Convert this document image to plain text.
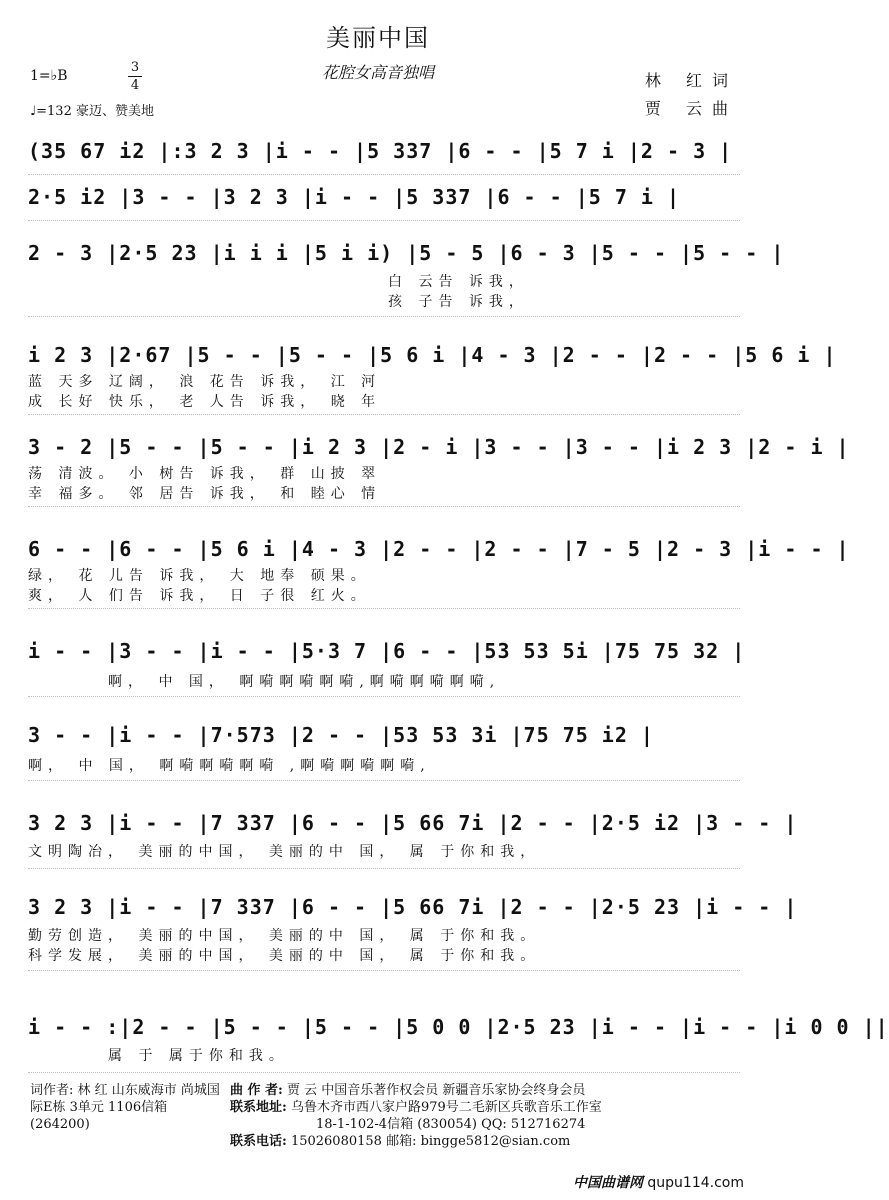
美丽中国
花腔女高音独唱	林 红词
贾 云曲
1=♭B
3
4
♩=132 豪迈、赞美地
(35 67 i2 |:3 2 3 |i - - |5 337 |6 - - |5 7 i |2 - 3 |
2·5 i2 |3 - - |3 2 3 |i - - |5 337 |6 - - |5 7 i |
2 - 3 |2·5 23 |i i i |5 i i) |5 - 5 |6 - 3 |5 - - |5 - - |
白 云告 诉我，
孩 子告 诉我，
i 2 3 |2·67 |5 - - |5 - - |5 6 i |4 - 3 |2 - - |2 - - |5 6 i |
蓝 天多 辽阔， 浪 花告 诉我， 江 河
成 长好 快乐， 老 人告 诉我， 晓 年
3 - 2 |5 - - |5 - - |i 2 3 |2 - i |3 - - |3 - - |i 2 3 |2 - i |
荡 清波。 小 树告 诉我， 群 山披 翠
幸 福多。 邻 居告 诉我， 和 睦心 情
6 - - |6 - - |5 6 i |4 - 3 |2 - - |2 - - |7 - 5 |2 - 3 |i - - |
绿， 花 儿告 诉我， 大 地奉 硕果。
爽， 人 们告 诉我， 日 子很 红火。
i - - |3 - - |i - - |5·3 7 |6 - - |53 53 5i |75 75 32 |
啊， 中 国， 啊嗬啊嗬啊嗬,啊嗬啊嗬啊嗬,
3 - - |i - - |7·573 |2 - - |53 53 3i |75 75 i2 |
啊， 中 国， 啊嗬啊嗬啊嗬 ,啊嗬啊嗬啊嗬,
3 2 3 |i - - |7 337 |6 - - |5 66 7i |2 - - |2·5 i2 |3 - - |
文明陶冶， 美丽的中国， 美丽的中 国， 属 于你和我，
3 2 3 |i - - |7 337 |6 - - |5 66 7i |2 - - |2·5 23 |i - - |
勤劳创造， 美丽的中国， 美丽的中 国， 属 于你和我。
科学发展， 美丽的中国， 美丽的中 国， 属 于你和我。
i - - :|2 - - |5 - - |5 - - |5 0 0 |2·5 23 |i - - |i - - |i 0 0 ||
属 于 属于你和我。
词作者: 林 红 山东威海市 尚城国际E栋 3单元 1106信箱(264200)
曲 作 者: 贾 云 中国音乐著作权会员 新疆音乐家协会终身会员
联系地址: 乌鲁木齐市西八家户路979号二毛新区兵歌音乐工作室
18-1-102-4信箱 (830054) QQ: 512716274
联系电话: 15026080158 邮箱: bingge5812@sian.com
中国曲谱网 qupu114.com
